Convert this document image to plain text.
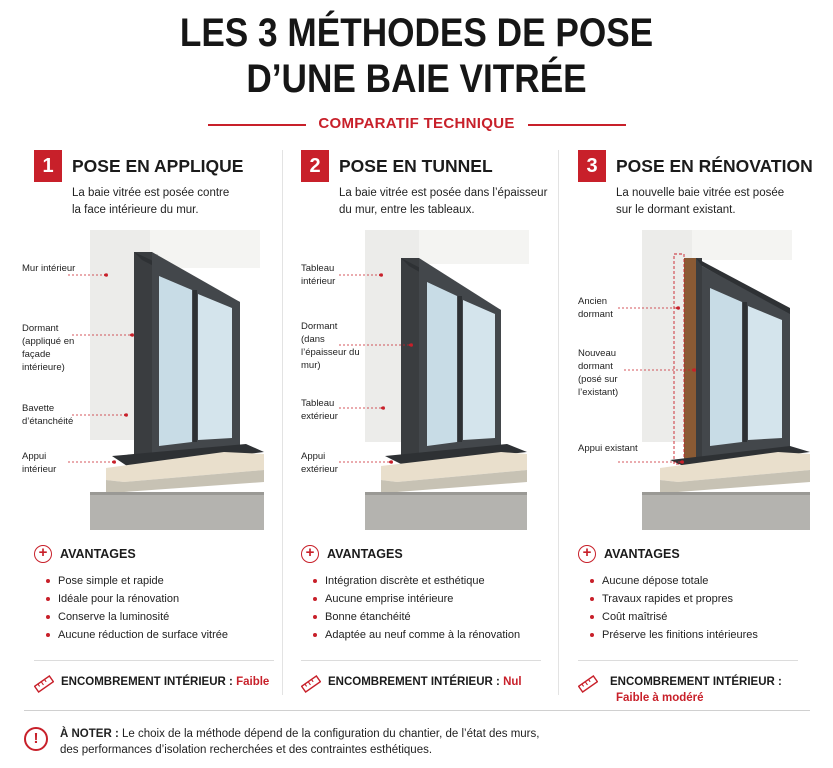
LES 3 MÉTHODES DE POSE
D’UNE BAIE VITRÉE
COMPARATIF TECHNIQUE
1	POSE EN APPLIQUE
La baie vitrée est posée contre
la face intérieure du mur.
Mur intérieur
Dormant (appliqué en façade intérieure)
Bavette d’étanchéité
Appui intérieur
+	AVANTAGES
Pose simple et rapide
Idéale pour la rénovation
Conserve la luminosité
Aucune réduction de surface vitrée
ENCOMBREMENT INTÉRIEUR : Faible
2	POSE EN TUNNEL
La baie vitrée est posée dans l’épaisseur
du mur, entre les tableaux.
Tableau intérieur
Dormant (dans l’épaisseur du mur)
Tableau extérieur
Appui extérieur
+	AVANTAGES
Intégration discrète et esthétique
Aucune emprise intérieure
Bonne étanchéité
Adaptée au neuf comme à la rénovation
ENCOMBREMENT INTÉRIEUR : Nul
3	POSE EN RÉNOVATION
La nouvelle baie vitrée est posée
sur le dormant existant.
Ancien dormant
Nouveau dormant (posé sur l’existant)
Appui existant
+	AVANTAGES
Aucune dépose totale
Travaux rapides et propres
Coût maîtrisé
Préserve les finitions intérieures
ENCOMBREMENT INTÉRIEUR :
Faible à modéré
!	À NOTER : Le choix de la méthode dépend de la configuration du chantier, de l’état des murs,
des performances d’isolation recherchées et des contraintes esthétiques.
